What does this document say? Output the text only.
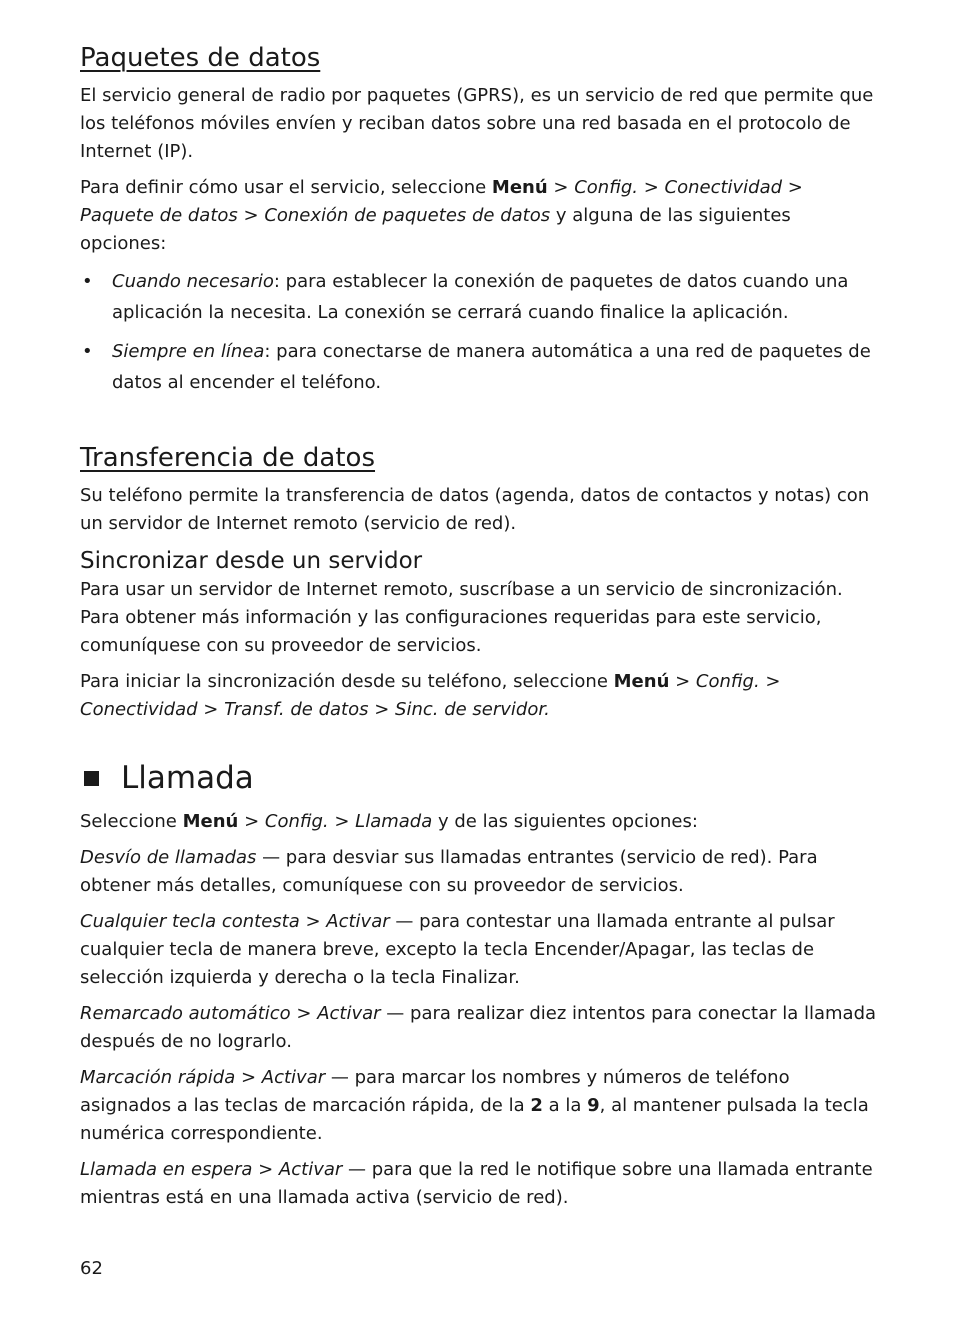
Paquetes de datos

El servicio general de radio por paquetes (GPRS), es un servicio de red que permite que los teléfonos móviles envíen y reciban datos sobre una red basada en el protocolo de Internet (IP).

Para definir cómo usar el servicio, seleccione Menú > Config. > Conectividad > Paquete de datos > Conexión de paquetes de datos y alguna de las siguientes opciones:

• Cuando necesario: para establecer la conexión de paquetes de datos cuando una aplicación la necesita. La conexión se cerrará cuando finalice la aplicación.
• Siempre en línea: para conectarse de manera automática a una red de paquetes de datos al encender el teléfono.
Transferencia de datos

Su teléfono permite la transferencia de datos (agenda, datos de contactos y notas) con un servidor de Internet remoto (servicio de red).

Sincronizar desde un servidor

Para usar un servidor de Internet remoto, suscríbase a un servicio de sincronización. Para obtener más información y las configuraciones requeridas para este servicio, comuníquese con su proveedor de servicios.

Para iniciar la sincronización desde su teléfono, seleccione Menú > Config. > Conectividad > Transf. de datos > Sinc. de servidor.

Llamada

Seleccione Menú > Config. > Llamada y de las siguientes opciones:

Desvío de llamadas — para desviar sus llamadas entrantes (servicio de red). Para obtener más detalles, comuníquese con su proveedor de servicios.

Cualquier tecla contesta > Activar — para contestar una llamada entrante al pulsar cualquier tecla de manera breve, excepto la tecla Encender/Apagar, las teclas de selección izquierda y derecha o la tecla Finalizar.

Remarcado automático > Activar — para realizar diez intentos para conectar la llamada después de no lograrlo.

Marcación rápida > Activar — para marcar los nombres y números de teléfono asignados a las teclas de marcación rápida, de la 2 a la 9, al mantener pulsada la tecla numérica correspondiente.

Llamada en espera > Activar — para que la red le notifique sobre una llamada entrante mientras está en una llamada activa (servicio de red).

62
